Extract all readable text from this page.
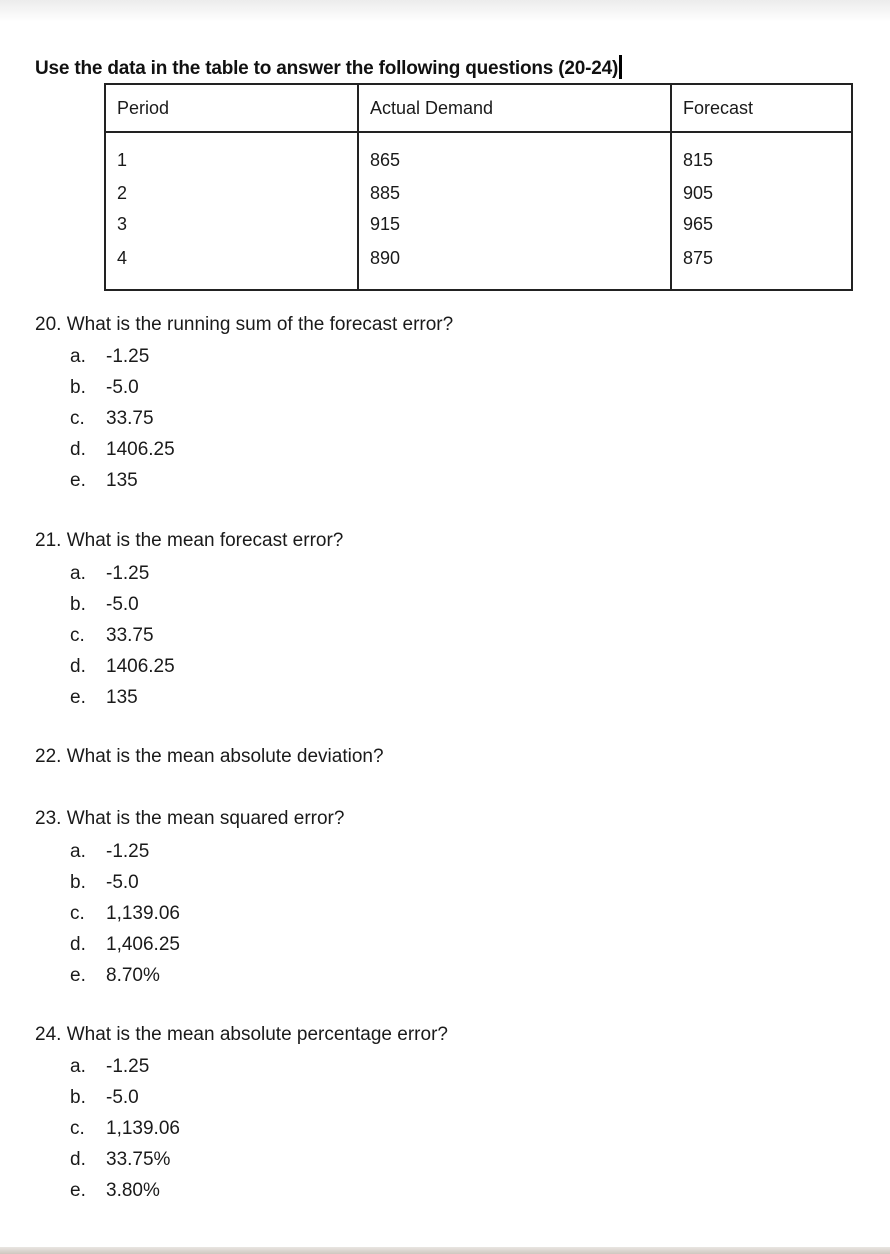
Use the data in the table to answer the following questions (20-24)
Period	Actual Demand	Forecast
1	865	815
2	885	905
3	915	965
4	890	875
20. What is the running sum of the forecast error?
a. -1.25
b. -5.0
c. 33.75
d. 1406.25
e. 135
21. What is the mean forecast error?
a. -1.25
b. -5.0
c. 33.75
d. 1406.25
e. 135
22. What is the mean absolute deviation?
23. What is the mean squared error?
a. -1.25
b. -5.0
c. 1,139.06
d. 1,406.25
e. 8.70%
24. What is the mean absolute percentage error?
a. -1.25
b. -5.0
c. 1,139.06
d. 33.75%
e. 3.80%
